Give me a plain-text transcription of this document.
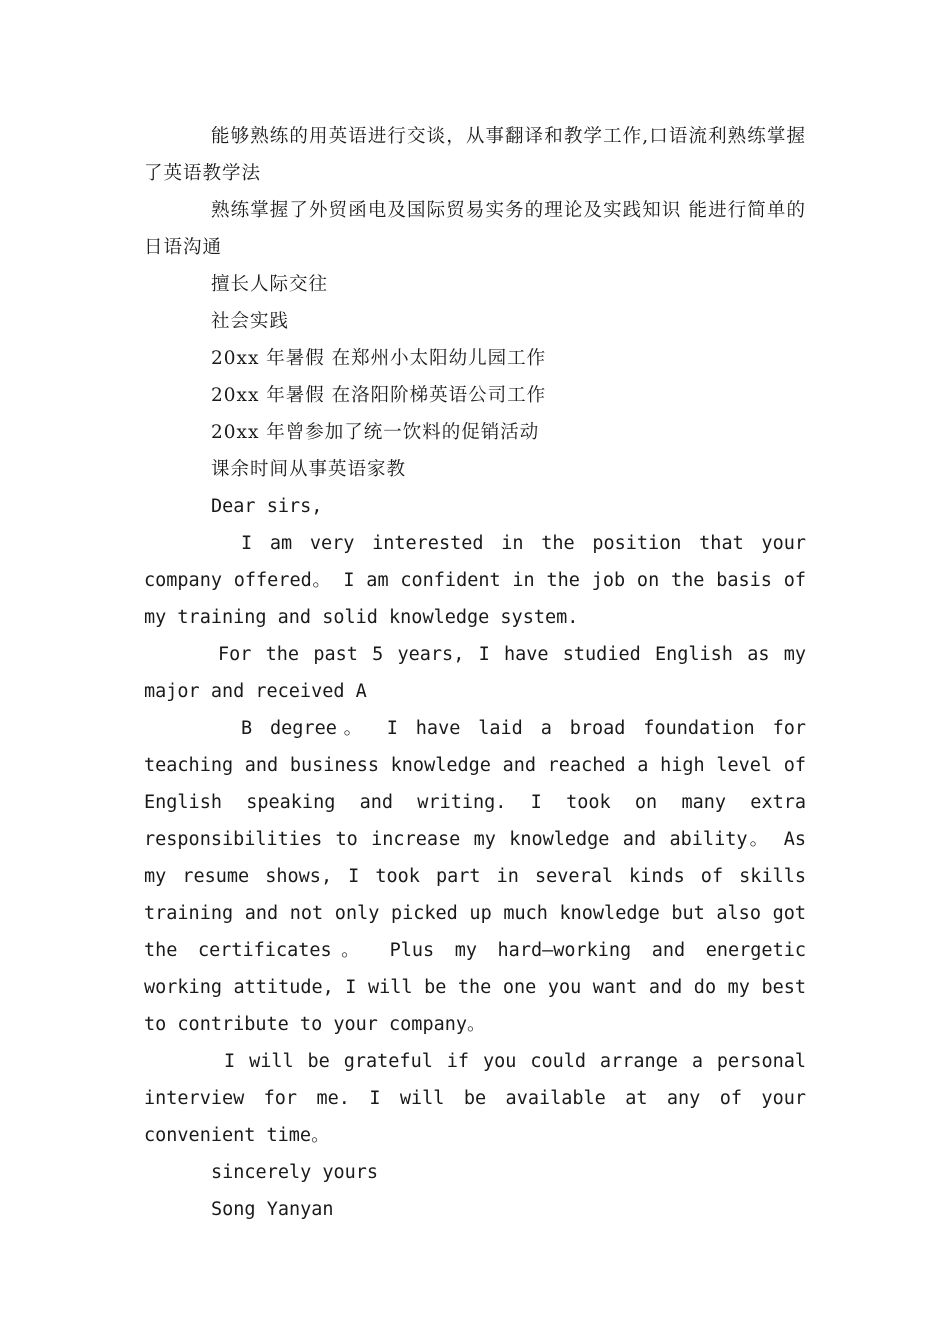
能够熟练的用英语进行交谈，从事翻译和教学工作,口语流利熟练掌握了英语教学法

熟练掌握了外贸函电及国际贸易实务的理论及实践知识 能进行简单的日语沟通

擅长人际交往

社会实践

20xx 年暑假 在郑州小太阳幼儿园工作

20xx 年暑假 在洛阳阶梯英语公司工作

20xx 年曾参加了统一饮料的促销活动

课余时间从事英语家教

Dear sirs,

I am very interested in the position that your company offered。 I am confident in the job on the basis of my training and solid knowledge system.

For the past 5 years, I have studied English as my major and received A

B degree。 I have laid a broad foundation for teaching and business knowledge and reached a high level of English speaking and writing. I took on many extra responsibilities to increase my knowledge and ability。 As my resume shows, I took part in several kinds of skills training and not only picked up much knowledge but also got the certificates。 Plus my hard—working and energetic working attitude, I will be the one you want and do my best to contribute to your company。

I will be grateful if you could arrange a personal interview for me. I will be available at any of your convenient time。

sincerely yours

Song Yanyan
